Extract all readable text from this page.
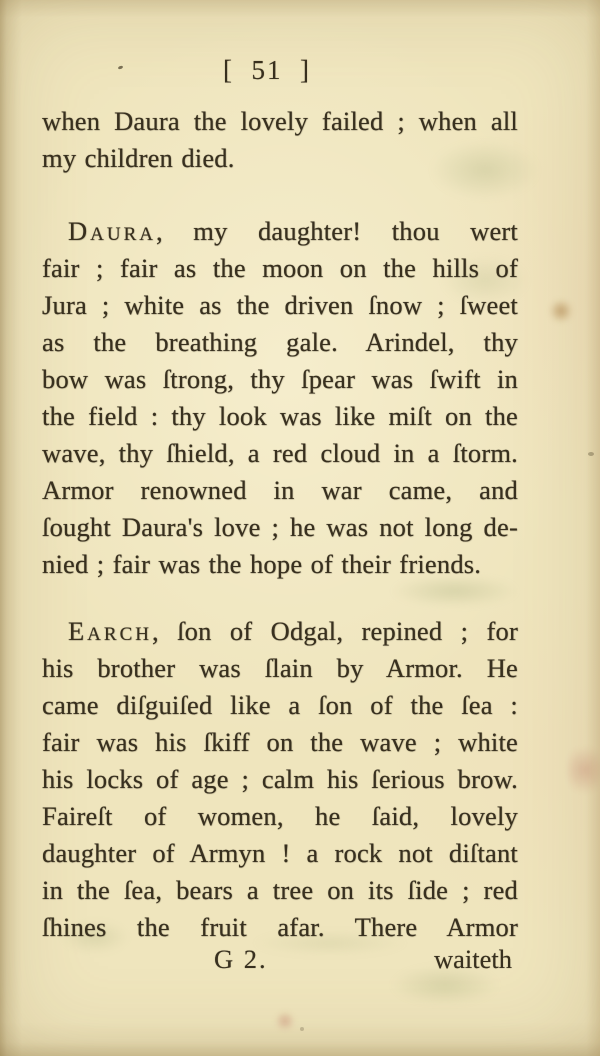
[  51  ]
when Daura the lovely failed ; when all
my children died.
Daura, my daughter! thou wert
fair ; fair as the moon on the hills of
Jura ; white as the driven ſnow ; ſweet
as the breathing gale. Arindel, thy
bow was ſtrong, thy ſpear was ſwift in
the field : thy look was like miſt on the
wave, thy ſhield, a red cloud in a ſtorm.
Armor renowned in war came, and
ſought Daura's love ; he was not long de-
nied ; fair was the hope of their friends.
Earch, ſon of Odgal, repined ; for
his brother was ſlain by Armor. He
came diſguiſed like a ſon of the ſea :
fair was his ſkiff on the wave ; white
his locks of age ; calm his ſerious brow.
Faireſt of women, he ſaid, lovely
daughter of Armyn ! a rock not diſtant
in the ſea, bears a tree on its ſide ; red
ſhines the fruit afar. There Armor
G 2.	waiteth
